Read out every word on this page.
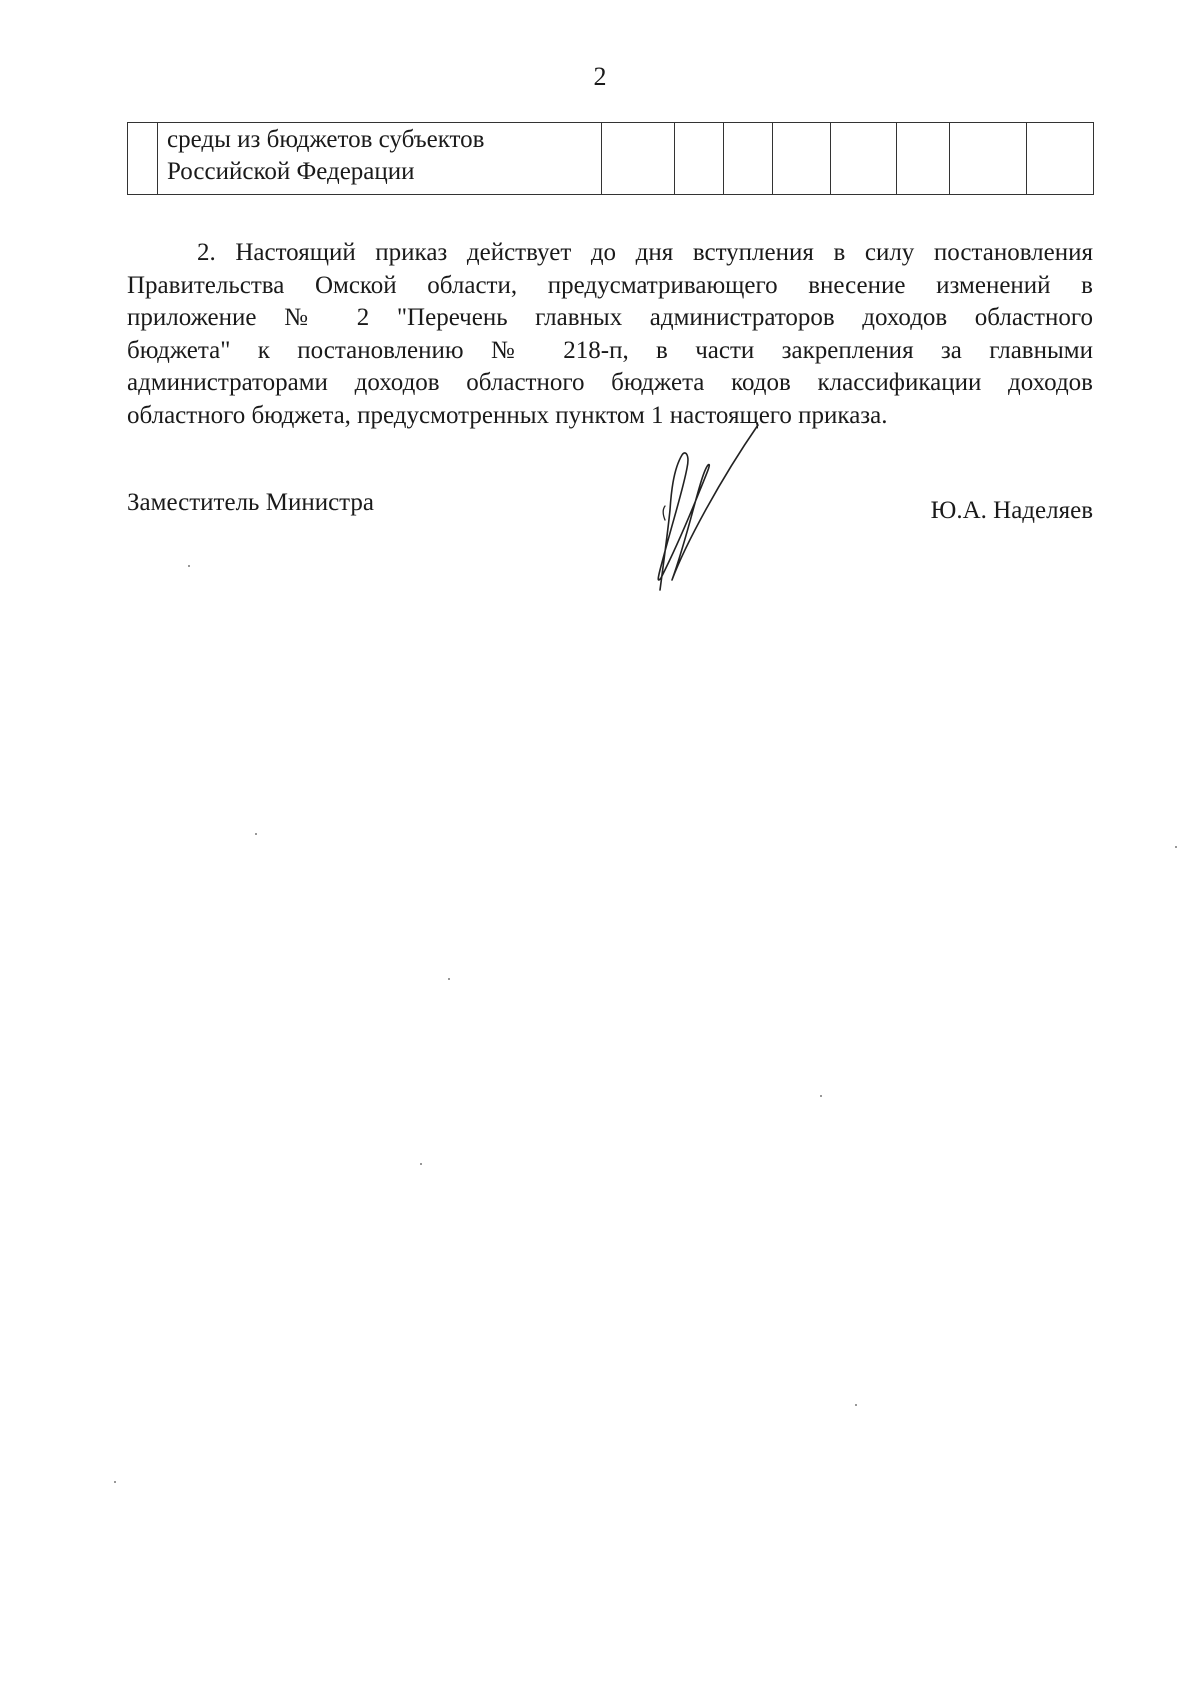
2

среды из бюджетов субъектов
Российской Федерации

2. Настоящий приказ действует до дня вступления в силу постановления
Правительства Омской области, предусматривающего внесение изменений в
приложение № 2 "Перечень главных администраторов доходов областного
бюджета" к постановлению № 218-п, в части закрепления за главными
администраторами доходов областного бюджета кодов классификации доходов
областного бюджета, предусмотренных пунктом 1 настоящего приказа.
Заместитель Министра	Ю.А. Наделяев
